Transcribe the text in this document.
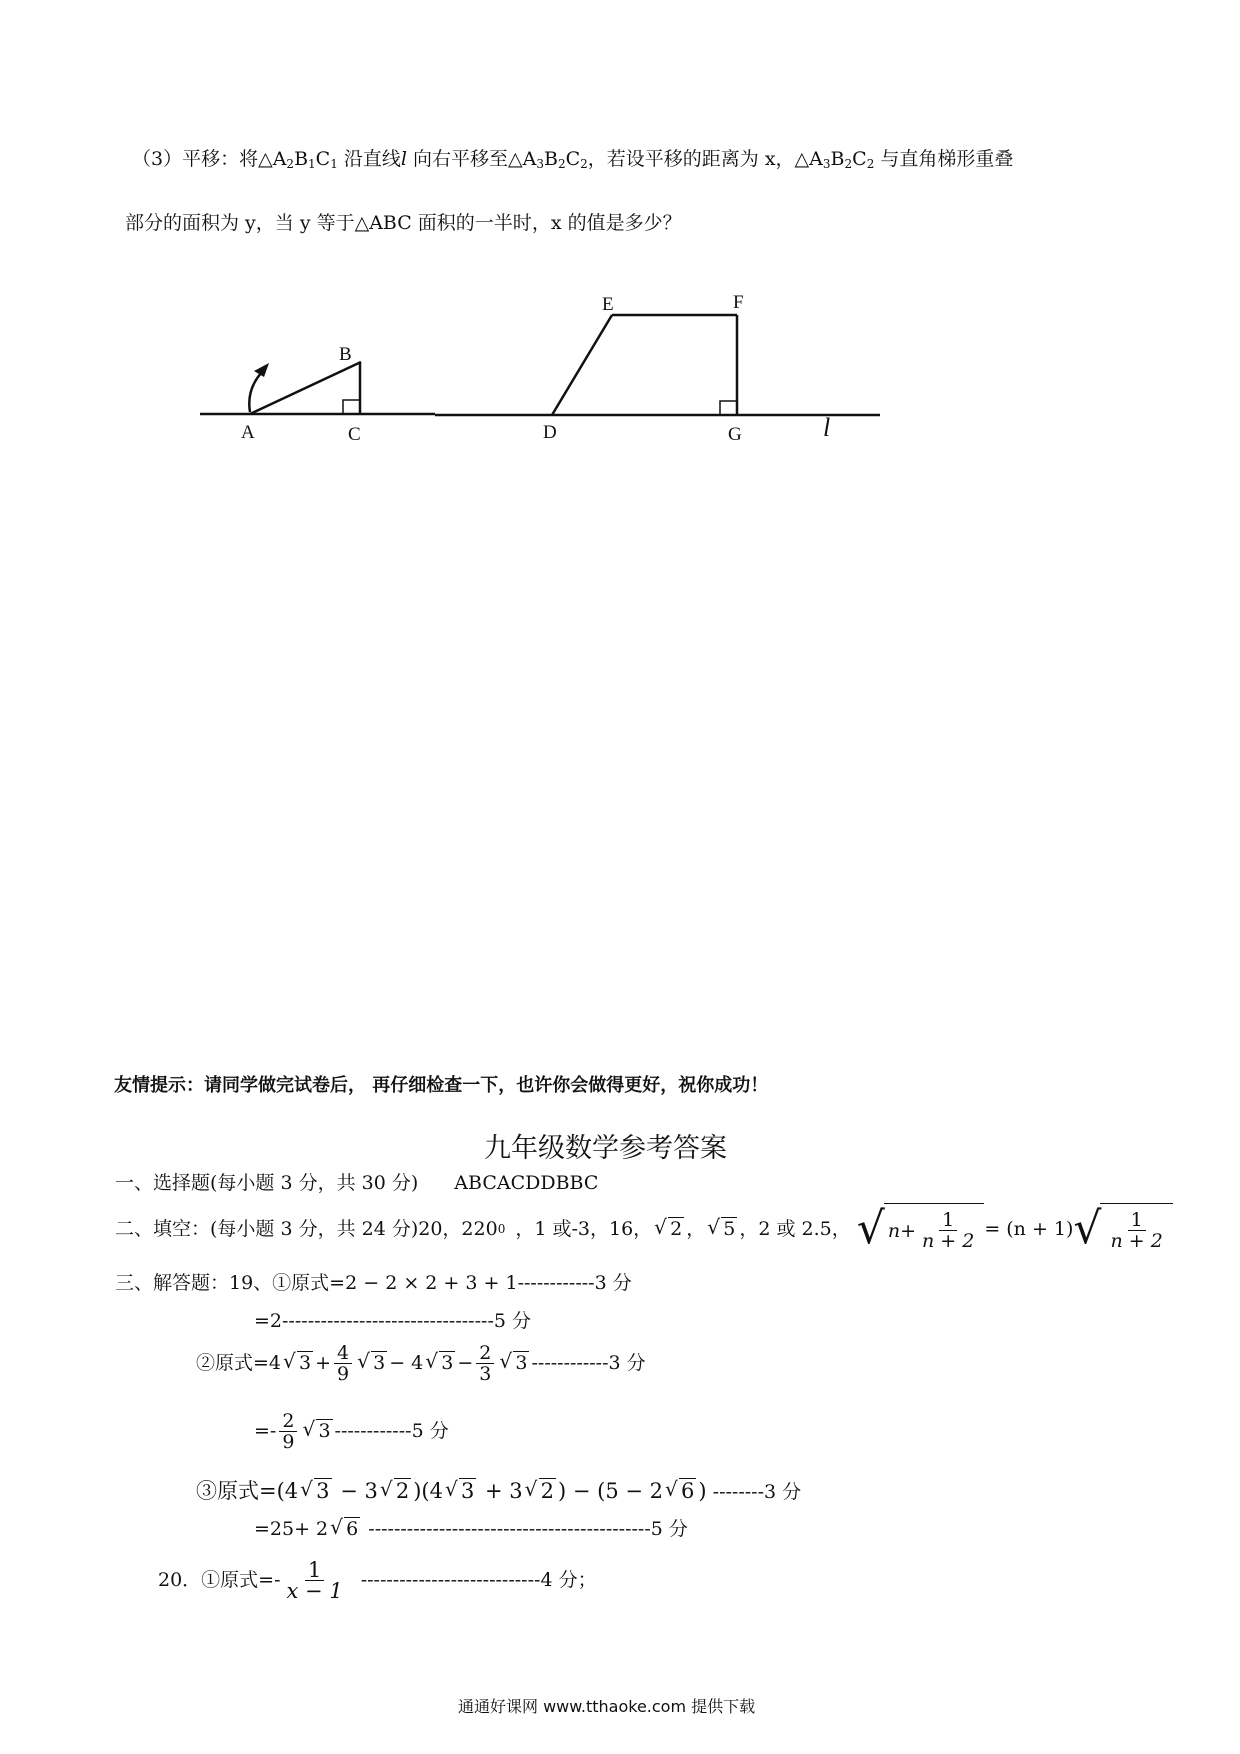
（3）平移：将$\triangle A_2B_1C_1$ 沿直线l 向右平移至$\triangle A_3B_2C_2$，若设平移的距离为 x，$\triangle A_3B_2C_2$ 与直角梯形重叠
部分的面积为 y，当 y 等于△ABC 面积的一半时，x 的值是多少？
A
B
C	D
E	F
G	l
友情提示：请同学做完试卷后， 再仔细检查一下，也许你会做得更好，祝你成功！
九年级数学参考答案
一、选择题(每小题 3 分，共 30 分) ABCACDDBBC
二、填空：(每小题 3 分，共 24 分)20，220 0 ，1 或-3，16， √ 2 ， √ 5 ，2 或 2.5， √ $n + \frac{1}{n + 2} = (n + 1)$ √ $\frac{1}{n + 2}$
三、解答题：19、①原式=2 − 2 × 2 + 3 + 1------------3 分
=2---------------------------------5 分
②原式= 4 √ $3 + \frac{4}{9}$	√ 3 − 4 √ $3 - \frac{2}{3}$	√ 3 ------------3 分
=- $\frac{2}{9}$	√ 3 ------------5 分
③原式=(4 √ 3 − 3 √ 2 )(4 √ 3 + 3 √ 2 ) − (5 − 2 √ 6 ) --------3 分
=25+ 2 √ 6 --------------------------------------------5 分
20．①原式=- $\frac{1}{x - 1} ----------------------------4$ 分；
通通好课网 www.tthaoke.com 提供下载
